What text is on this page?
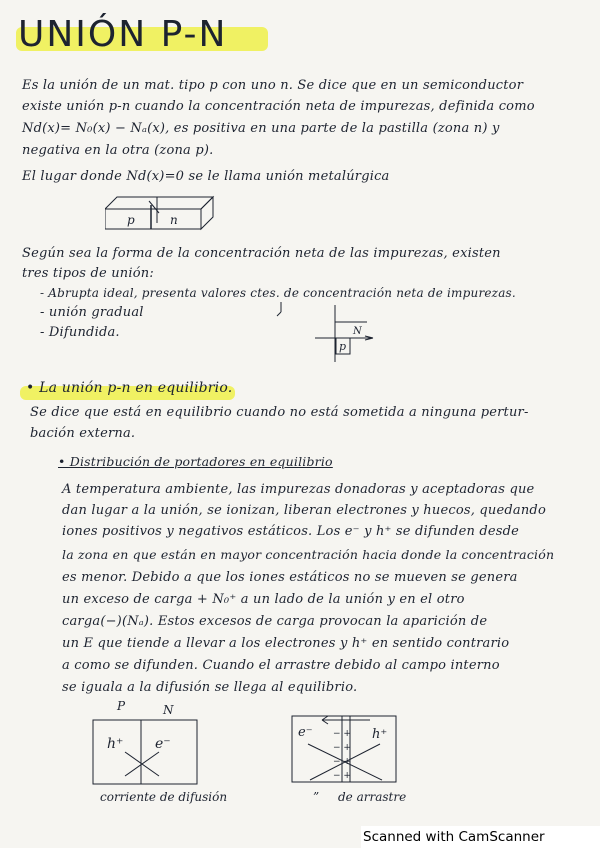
UNIÓN P-N
Es la unión de un mat. tipo p con uno n. Se dice que en un semiconductor
existe unión p-n cuando la concentración neta de impurezas, definida como
Nd(x)= N₀(x) − Nₐ(x), es positiva en una parte de la pastilla (zona n) y
negativa en la otra (zona p).
El lugar donde Nd(x)=0 se le llama unión metalúrgica
p	n
Según sea la forma de la concentración neta de las impurezas, existen
tres tipos de unión:
- Abrupta ideal, presenta valores ctes. de concentración neta de impurezas.
- unión gradual
- Difundida.
p
N
• La unión p-n en equilibrio.
Se dice que está en equilibrio cuando no está sometida a ninguna pertur-
bación externa.
• Distribución de portadores en equilibrio
A temperatura ambiente, las impurezas donadoras y aceptadoras que
dan lugar a la unión, se ionizan, liberan electrones y huecos, quedando
iones positivos y negativos estáticos. Los e⁻ y h⁺ se difunden desde
la zona en que están en mayor concentración hacia donde la concentración
es menor. Debido a que los iones estáticos no se mueven se genera
un exceso de carga + N₀⁺ a un lado de la unión y en el otro
carga(−)(Nₐ). Estos excesos de carga provocan la aparición de
un E que tiende a llevar a los electrones y h⁺ en sentido contrario
a como se difunden. Cuando el arrastre debido al campo interno
se iguala a la difusión se llega al equilibrio.
P	N
h⁺ e⁻
corriente de difusión
− +
− +
− +
− +
e⁻	h⁺
” de arrastre
Scanned with CamScanner
